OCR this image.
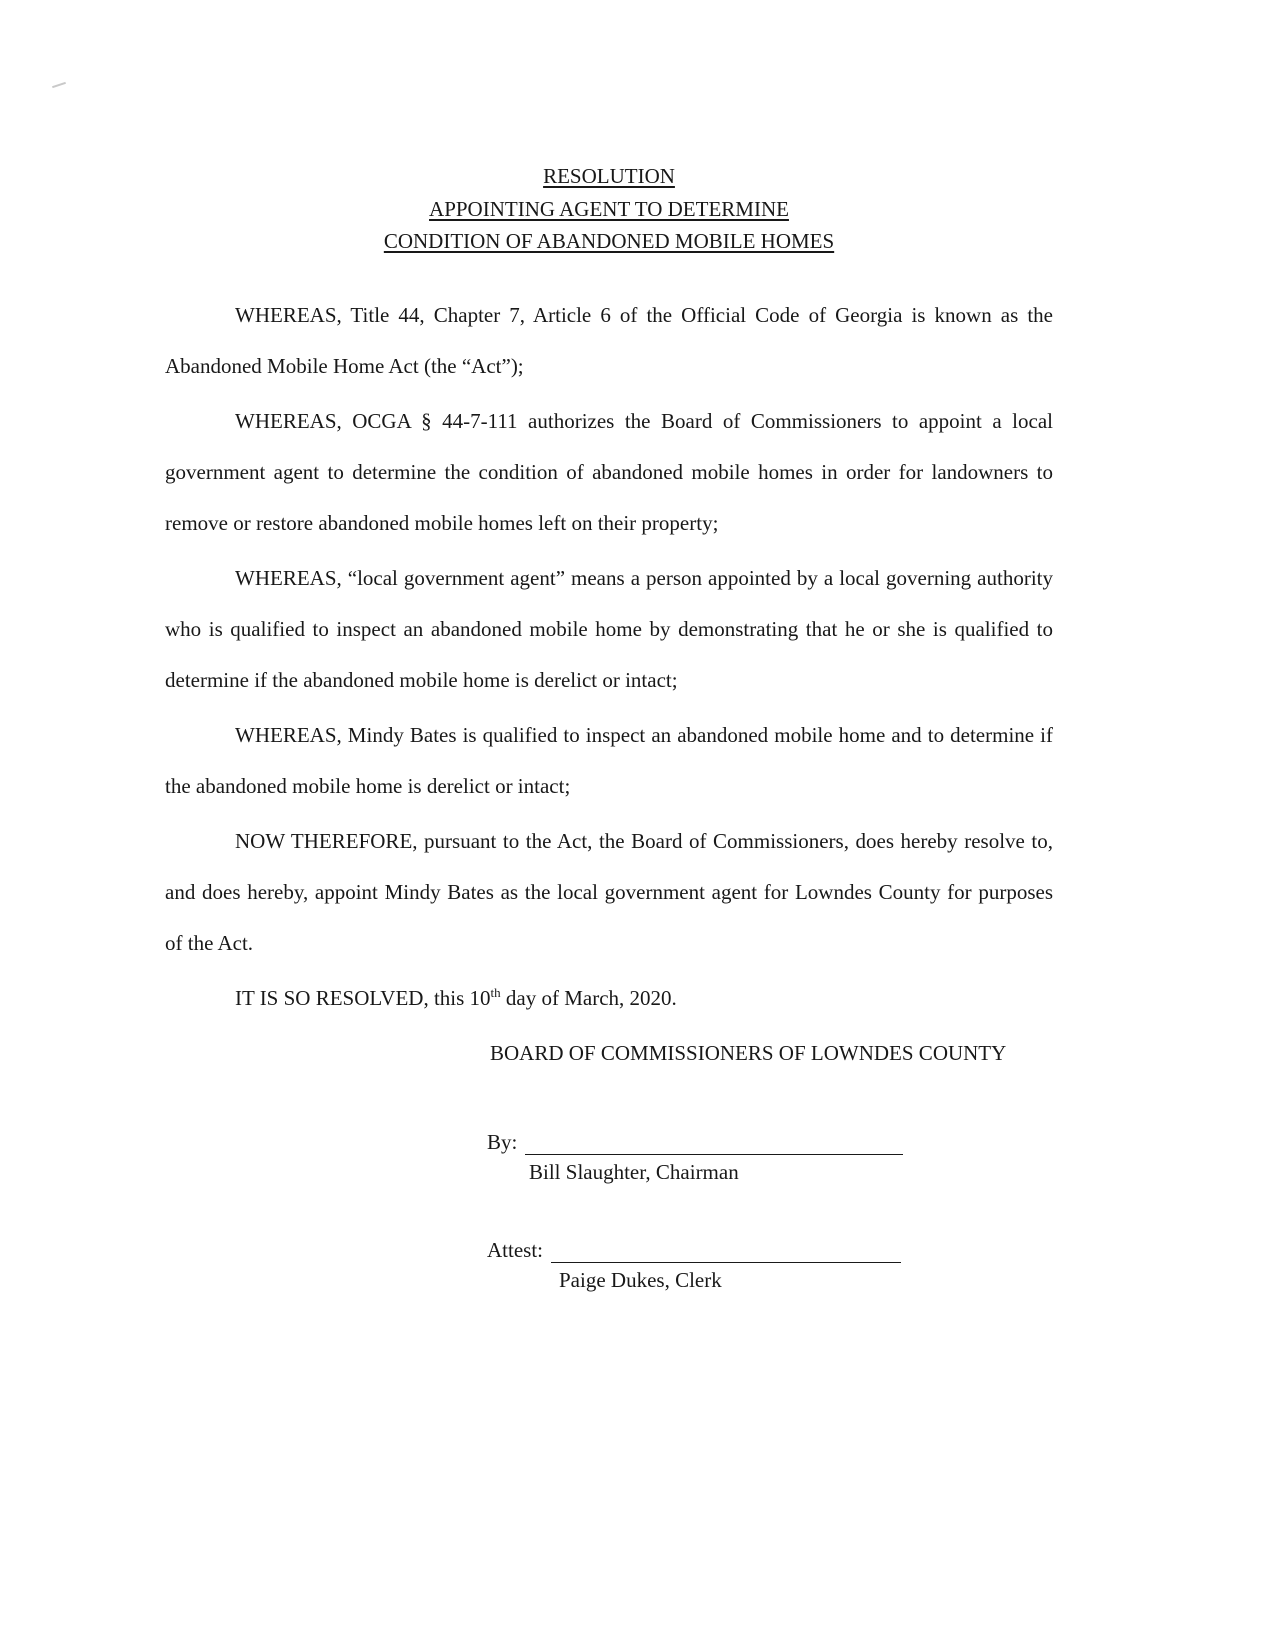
RESOLUTION
APPOINTING AGENT TO DETERMINE
CONDITION OF ABANDONED MOBILE HOMES

WHEREAS, Title 44, Chapter 7, Article 6 of the Official Code of Georgia is known as the Abandoned Mobile Home Act (the “Act”);

WHEREAS, OCGA § 44-7-111 authorizes the Board of Commissioners to appoint a local government agent to determine the condition of abandoned mobile homes in order for landowners to remove or restore abandoned mobile homes left on their property;

WHEREAS, “local government agent” means a person appointed by a local governing authority who is qualified to inspect an abandoned mobile home by demonstrating that he or she is qualified to determine if the abandoned mobile home is derelict or intact;

WHEREAS, Mindy Bates is qualified to inspect an abandoned mobile home and to determine if the abandoned mobile home is derelict or intact;

NOW THEREFORE, pursuant to the Act, the Board of Commissioners, does hereby resolve to, and does hereby, appoint Mindy Bates as the local government agent for Lowndes County for purposes of the Act.

IT IS SO RESOLVED, this 10th day of March, 2020.

BOARD OF COMMISSIONERS OF LOWNDES COUNTY
By:
Bill Slaughter, Chairman
Attest:
Paige Dukes, Clerk
